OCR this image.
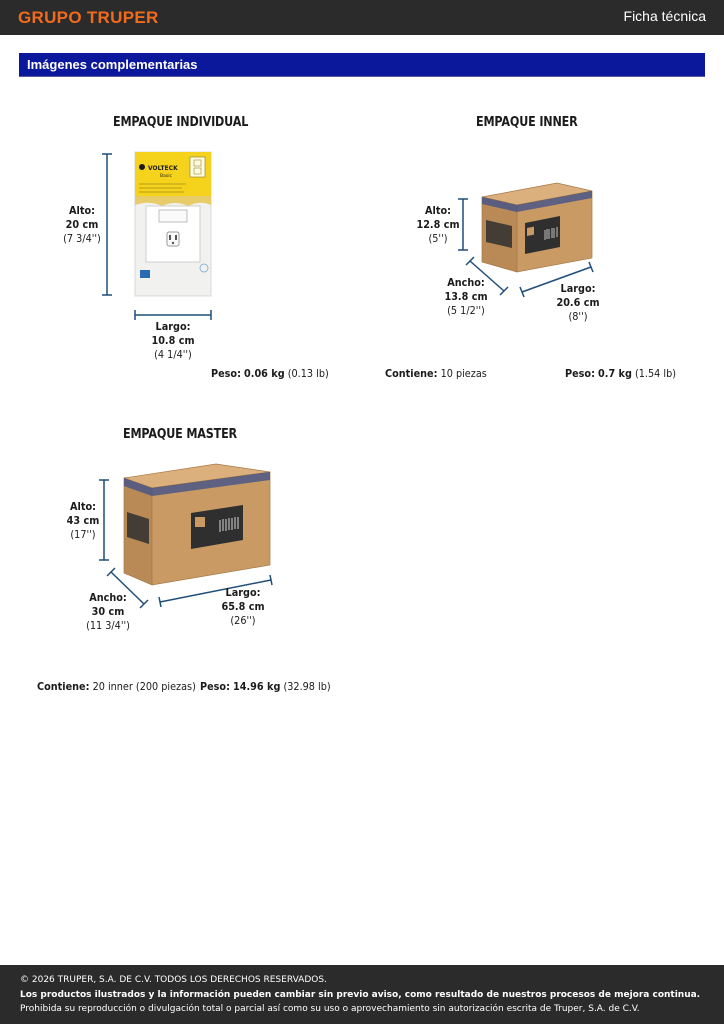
GRUPO TRUPER	Ficha técnica
Imágenes complementarias
VOLTECK
Basic
EMPAQUE INDIVIDUAL
Alto:
20 cm
(7 3/4'')
Largo:
10.8 cm
(4 1/4'')
Peso: 0.06 kg (0.13 lb)
EMPAQUE INNER
Alto:
12.8 cm
(5'')
Ancho:
13.8 cm
(5 1/2'')
Largo:
20.6 cm
(8'')
Contiene: 10 piezas	Peso: 0.7 kg (1.54 lb)
EMPAQUE MASTER
Alto:
43 cm
(17'')
Ancho:
30 cm
(11 3/4'')
Largo:
65.8 cm
(26'')
Contiene: 20 inner (200 piezas) Peso: 14.96 kg (32.98 lb)
© 2026 TRUPER, S.A. DE C.V. TODOS LOS DERECHOS RESERVADOS.
Los productos ilustrados y la información pueden cambiar sin previo aviso, como resultado de nuestros procesos de mejora continua.
Prohibida su reproducción o divulgación total o parcial así como su uso o aprovechamiento sin autorización escrita de Truper, S.A. de C.V.
